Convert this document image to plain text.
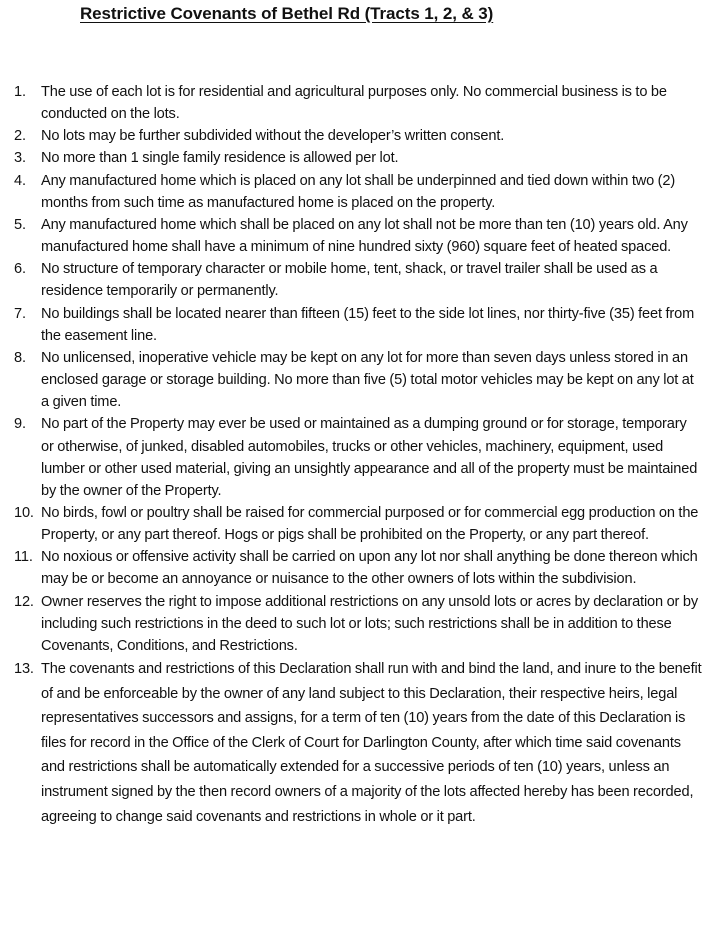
Restrictive Covenants of Bethel Rd (Tracts 1, 2, & 3)
1. The use of each lot is for residential and agricultural purposes only. No commercial business is to be conducted on the lots.
2. No lots may be further subdivided without the developer’s written consent.
3. No more than 1 single family residence is allowed per lot.
4. Any manufactured home which is placed on any lot shall be underpinned and tied down within two (2) months from such time as manufactured home is placed on the property.
5. Any manufactured home which shall be placed on any lot shall not be more than ten (10) years old. Any manufactured home shall have a minimum of nine hundred sixty (960) square feet of heated spaced.
6. No structure of temporary character or mobile home, tent, shack, or travel trailer shall be used as a residence temporarily or permanently.
7. No buildings shall be located nearer than fifteen (15) feet to the side lot lines, nor thirty-five (35) feet from the easement line.
8. No unlicensed, inoperative vehicle may be kept on any lot for more than seven days unless stored in an enclosed garage or storage building. No more than five (5) total motor vehicles may be kept on any lot at a given time.
9. No part of the Property may ever be used or maintained as a dumping ground or for storage, temporary or otherwise, of junked, disabled automobiles, trucks or other vehicles, machinery, equipment, used lumber or other used material, giving an unsightly appearance and all of the property must be maintained by the owner of the Property.
10. No birds, fowl or poultry shall be raised for commercial purposed or for commercial egg production on the Property, or any part thereof. Hogs or pigs shall be prohibited on the Property, or any part thereof.
11. No noxious or offensive activity shall be carried on upon any lot nor shall anything be done thereon which may be or become an annoyance or nuisance to the other owners of lots within the subdivision.
12. Owner reserves the right to impose additional restrictions on any unsold lots or acres by declaration or by including such restrictions in the deed to such lot or lots; such restrictions shall be in addition to these Covenants, Conditions, and Restrictions.
13. The covenants and restrictions of this Declaration shall run with and bind the land, and inure to the benefit of and be enforceable by the owner of any land subject to this Declaration, their respective heirs, legal representatives successors and assigns, for a term of ten (10) years from the date of this Declaration is files for record in the Office of the Clerk of Court for Darlington County, after which time said covenants and restrictions shall be automatically extended for a successive periods of ten (10) years, unless an instrument signed by the then record owners of a majority of the lots affected hereby has been recorded, agreeing to change said covenants and restrictions in whole or it part.
